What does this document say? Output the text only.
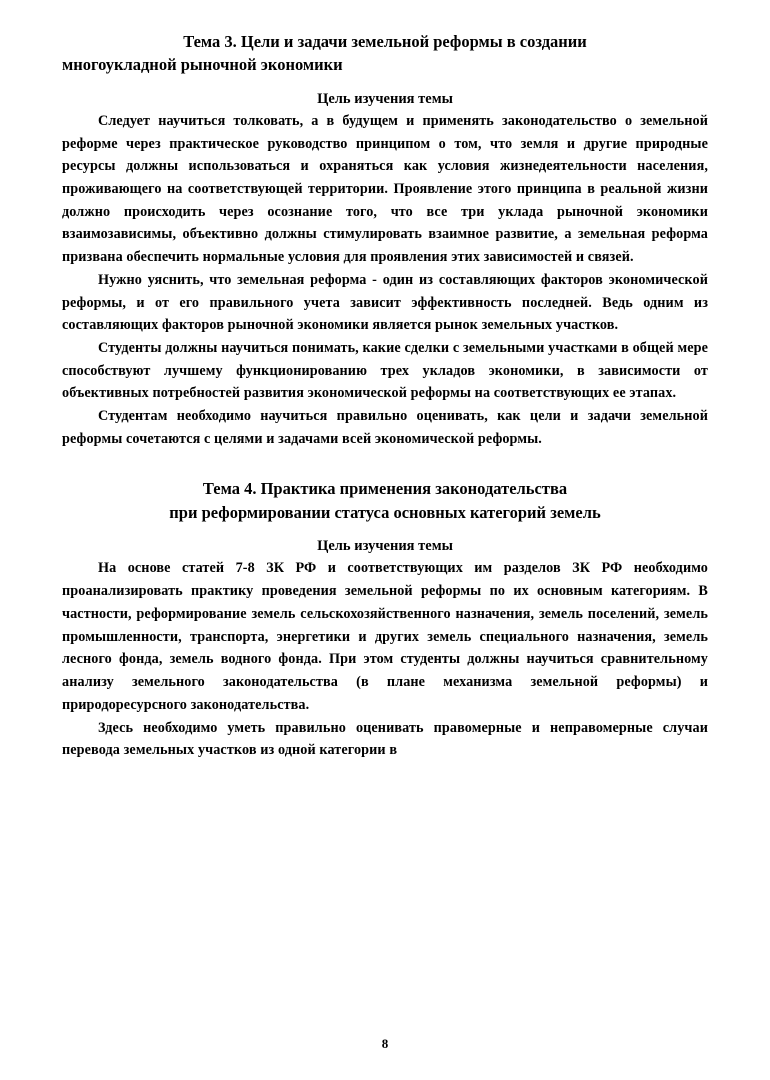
Тема 3. Цели и задачи земельной реформы в создании
многоукладной рыночной экономики
Цель изучения темы

Следует научиться толковать, а в будущем и применять законодательство о земельной реформе через практическое руководство принципом о том, что земля и другие природные ресурсы должны использоваться и охраняться как условия жизнедеятельности населения, проживающего на соответствующей территории. Проявление этого принципа в реальной жизни должно происходить через осознание того, что все три уклада рыночной экономики взаимозависимы, объективно должны стимулировать взаимное развитие, а земельная реформа призвана обеспечить нормальные условия для проявления этих зависимостей и связей.

Нужно уяснить, что земельная реформа - один из составляющих факторов экономической реформы, и от его правильного учета зависит эффективность последней. Ведь одним из составляющих факторов рыночной экономики является рынок земельных участков.

Студенты должны научиться понимать, какие сделки с земельными участками в общей мере способствуют лучшему функционированию трех укладов экономики, в зависимости от объективных потребностей развития экономической реформы на соответствующих ее этапах.

Студентам необходимо научиться правильно оценивать, как цели и задачи земельной реформы сочетаются с целями и задачами всей экономической реформы.

Тема 4. Практика применения законодательства
при реформировании статуса основных категорий земель
Цель изучения темы

На основе статей 7-8 ЗК РФ и соответствующих им разделов ЗК РФ необходимо проанализировать практику проведения земельной реформы по их основным категориям. В частности, реформирование земель сельскохозяйственного назначения, земель поселений, земель промышленности, транспорта, энергетики и других земель специального назначения, земель лесного фонда, земель водного фонда. При этом студенты должны научиться сравнительному анализу земельного законодательства (в плане механизма земельной реформы) и природоресурсного законодательства.

Здесь необходимо уметь правильно оценивать правомерные и неправомерные случаи перевода земельных участков из одной категории в

8
